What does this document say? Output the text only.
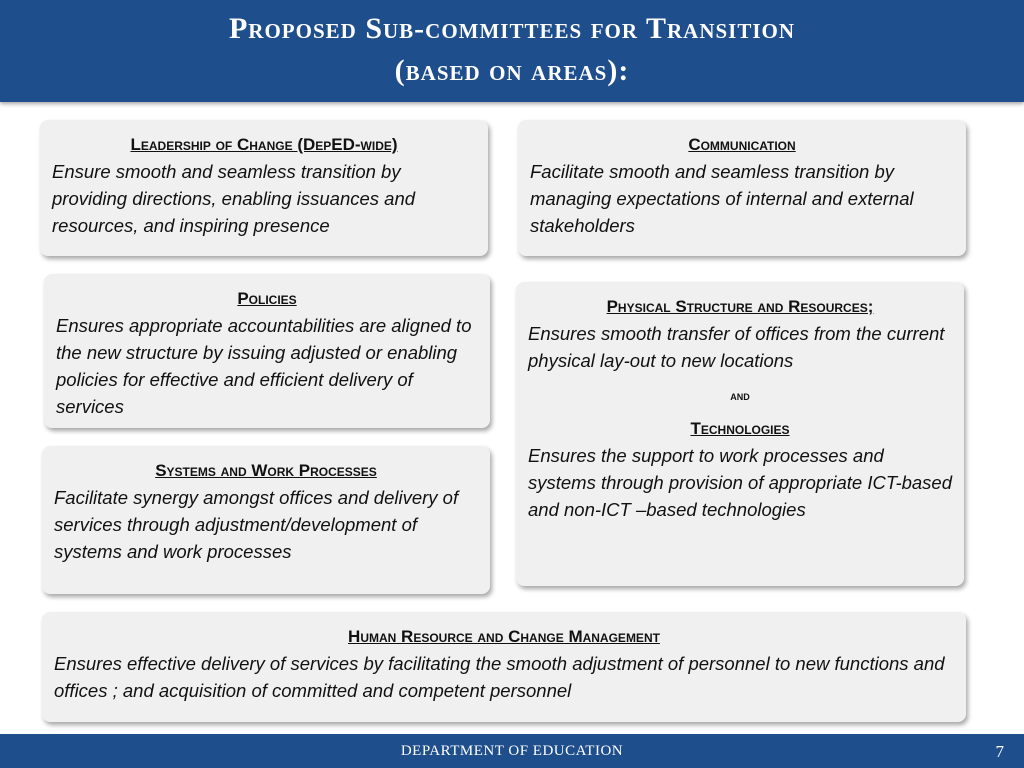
Proposed Sub-committees for Transition
(based on areas):
Leadership of Change (DepED-wide)
Ensure smooth and seamless transition by providing directions, enabling issuances and resources, and inspiring presence
Communication
Facilitate smooth and seamless transition by managing expectations of internal and external stakeholders
Policies
Ensures appropriate accountabilities are aligned to the new structure by issuing adjusted or enabling policies for effective and efficient delivery of services
Physical Structure and Resources;
Ensures smooth transfer of offices from the current physical lay-out to new locations
and
Technologies
Ensures the support to work processes and systems through provision of appropriate ICT-based and non-ICT –based technologies
Systems and Work Processes
Facilitate synergy amongst offices and delivery of services through adjustment/development of systems and work processes
Human Resource and Change Management
Ensures effective delivery of services by facilitating the smooth adjustment of personnel to new functions and offices ; and acquisition of committed and competent personnel
DEPARTMENT OF EDUCATION	7
